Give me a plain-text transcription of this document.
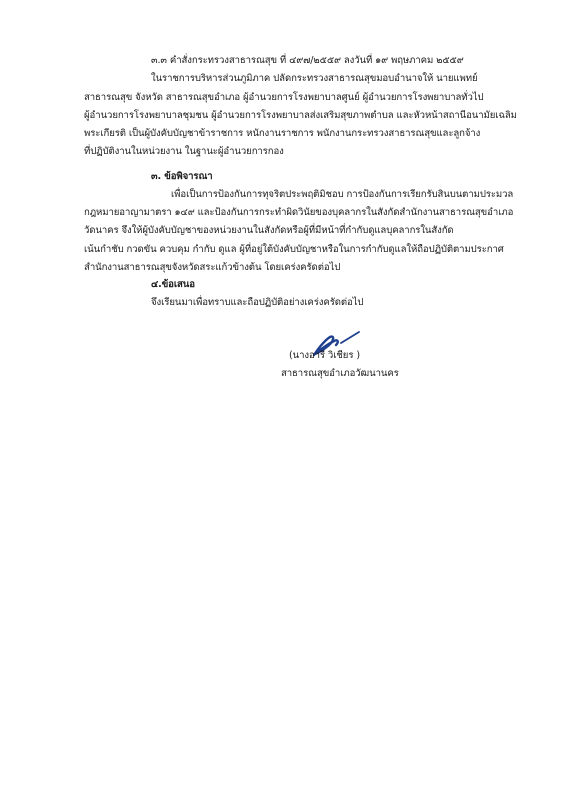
๓.๓ คำสั่งกระทรวงสาธารณสุข ที่ ๔๙๗/๒๕๕๙ ลงวันที่ ๑๙ พฤษภาคม ๒๕๕๙
ในราชการบริหารส่วนภูมิภาค ปลัดกระทรวงสาธารณสุขมอบอำนาจให้ นายแพทย์
สาธารณสุข จังหวัด สาธารณสุขอำเภอ ผู้อำนวยการโรงพยาบาลศูนย์ ผู้อำนวยการโรงพยาบาลทั่วไป
ผู้อำนวยการโรงพยาบาลชุมชน ผู้อำนวยการโรงพยาบาลส่งเสริมสุขภาพตำบล และหัวหน้าสถานีอนามัยเฉลิม
พระเกียรติ เป็นผู้บังคับบัญชาข้าราชการ หนักงานราชการ พนักงานกระทรวงสาธารณสุขและลูกจ้าง
ที่ปฏิบัติงานในหน่วยงาน ในฐานะผู้อำนวยการกอง
๓. ข้อพิจารณา
เพื่อเป็นการป้องกันการทุจริตประพฤติมิชอบ การป้องกันการเรียกรับสินบนตามประมวล
กฎหมายอาญามาตรา ๑๔๙ และป้องกันการกระทำผิดวินัยของบุคลากรในสังกัดสำนักงานสาธารณสุขอำเภอ
วัดนาคร จึงให้ผู้บังคับบัญชาของหน่วยงานในสังกัดหรือผู้ที่มีหน้าที่กำกับดูแลบุคลากรในสังกัด
เน้นกำชับ กวดขัน ควบคุม กำกับ ดูแล ผู้ที่อยู่ใต้บังคับบัญชาหรือในการกำกับดูแลให้ถือปฏิบัติตามประกาศ
สำนักงานสาธารณสุขจังหวัดสระแก้วข้างต้น โดยเคร่งครัดต่อไป
๔.ข้อเสนอ
จึงเรียนมาเพื่อทราบและถือปฏิบัติอย่างเคร่งครัดต่อไป
(นางอารี วิเชียร )
สาธารณสุขอำเภอวัฒนานคร
